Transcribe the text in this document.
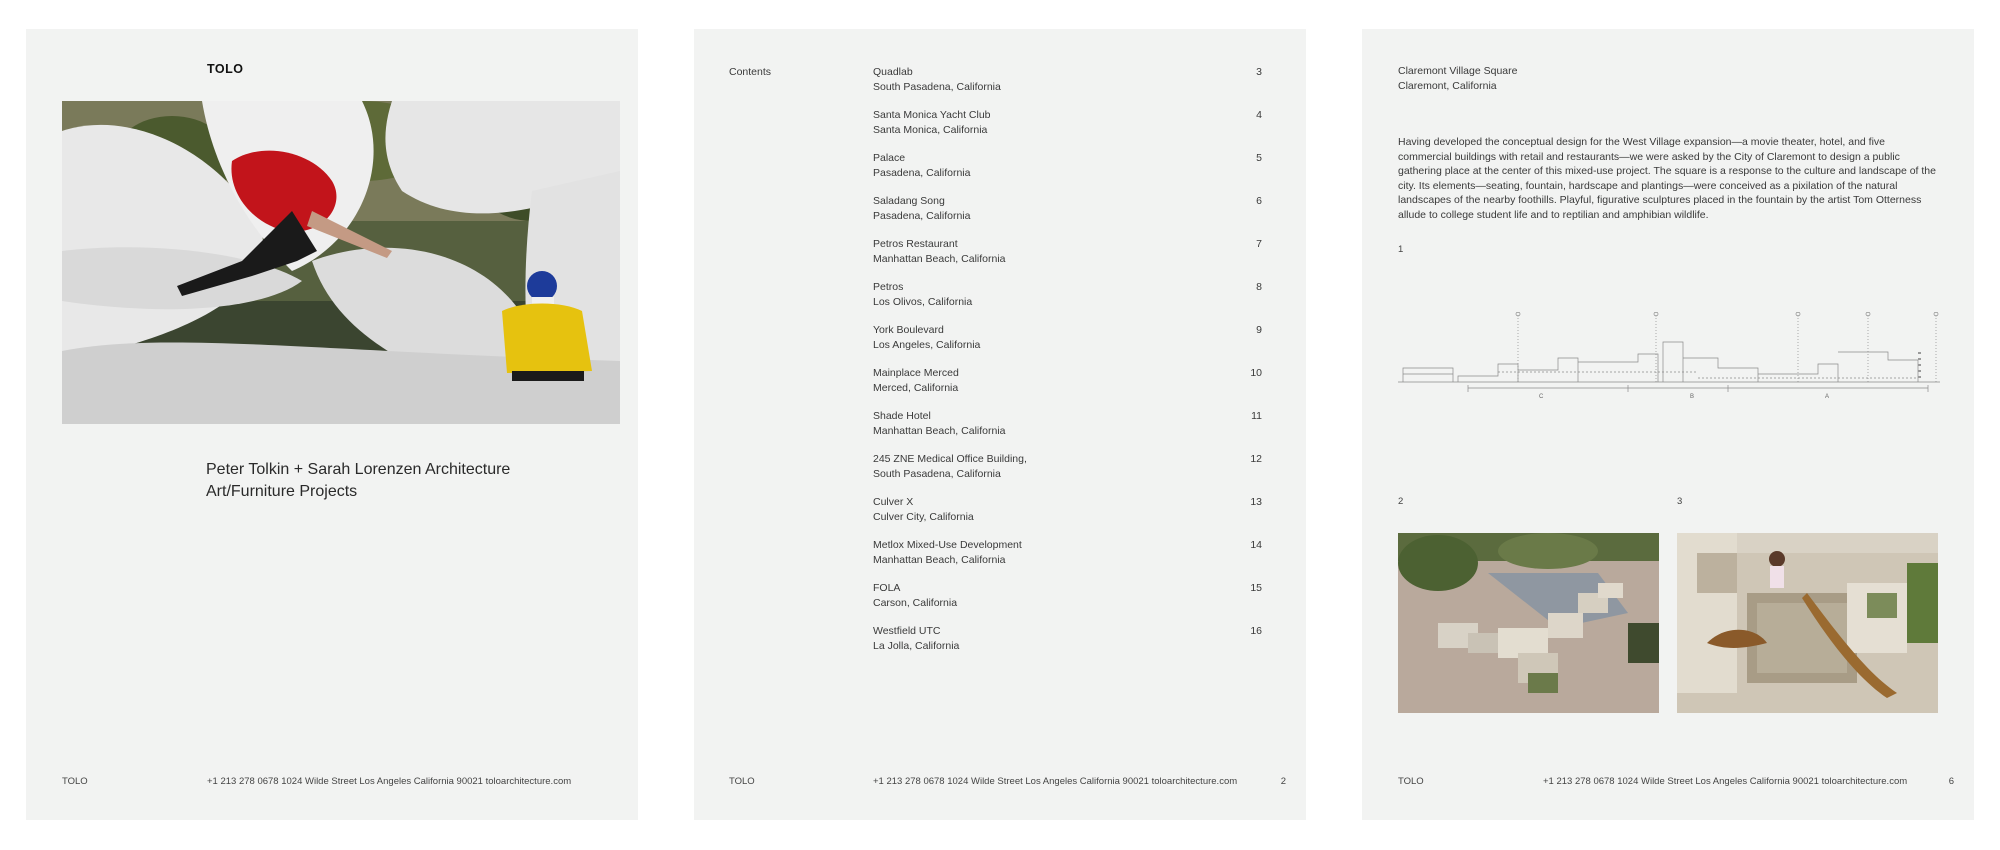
TOLO
Peter Tolkin + Sarah Lorenzen Architecture
Art/Furniture Projects
TOLO	+1 213 278 0678 1024 Wilde Street Los Angeles California 90021 toloarchitecture.com
Contents	Quadlab
South Pasadena, California
3
Santa Monica Yacht Club
Santa Monica, California
4
Palace
Pasadena, California
5
Saladang Song
Pasadena, California
6
Petros Restaurant
Manhattan Beach, California
7
Petros
Los Olivos, California
8
York Boulevard
Los Angeles, California
9
Mainplace Merced
Merced, California
10
Shade Hotel
Manhattan Beach, California
11
245 ZNE Medical Office Building,
South Pasadena, California
12
Culver X
Culver City, California
13
Metlox Mixed-Use Development
Manhattan Beach, California
14
FOLA
Carson, California
15
Westfield UTC
La Jolla, California
16
TOLO	+1 213 278 0678 1024 Wilde Street Los Angeles California 90021 toloarchitecture.com	2
Claremont Village Square
Claremont, California
Having developed the conceptual design for the West Village expansion—a movie theater, hotel, and five commercial buildings with retail and restaurants—we were asked by the City of Claremont to design a public gathering place at the center of this mixed-use project. The square is a response to the culture and landscape of the city. Its elements—seating, fountain, hardscape and plantings—were conceived as a pixilation of the natural landscapes of the nearby foothills. Playful, figurative sculptures placed in the fountain by the artist Tom Otterness allude to college student life and to reptilian and amphibian wildlife.
1
C	B	A
2	3
TOLO	+1 213 278 0678 1024 Wilde Street Los Angeles California 90021 toloarchitecture.com	6
